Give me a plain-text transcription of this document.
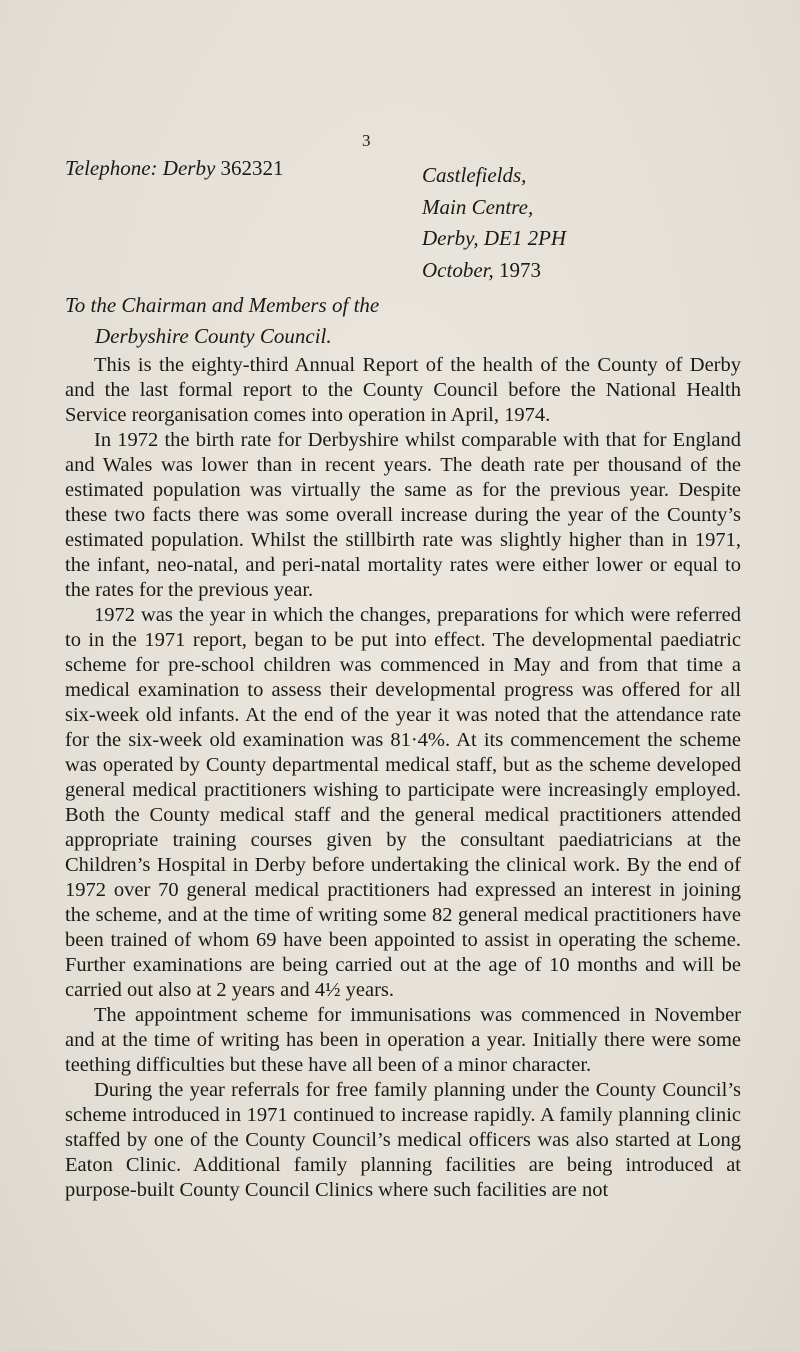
3
Telephone: Derby 362321	Castlefields,
Main Centre,
Derby, DE1 2PH
October, 1973
To the Chairman and Members of the
Derbyshire County Council.

This is the eighty-third Annual Report of the health of the County of Derby and the last formal report to the County Council before the National Health Service reorganisation comes into operation in April, 1974.

In 1972 the birth rate for Derbyshire whilst comparable with that for England and Wales was lower than in recent years. The death rate per thousand of the estimated population was virtually the same as for the previous year. Despite these two facts there was some overall increase during the year of the County’s estimated population. Whilst the stillbirth rate was slightly higher than in 1971, the infant, neo-natal, and peri-natal mortality rates were either lower or equal to the rates for the previous year.

1972 was the year in which the changes, preparations for which were referred to in the 1971 report, began to be put into effect. The developmental paediatric scheme for pre-school children was commenced in May and from that time a medical examination to assess their developmental progress was offered for all six-week old infants. At the end of the year it was noted that the attendance rate for the six-week old examination was 81·4%. At its commencement the scheme was operated by County departmental medical staff, but as the scheme developed general medical practitioners wishing to participate were increasingly employed. Both the County medical staff and the general medical practitioners attended appropriate training courses given by the consultant paediatricians at the Children’s Hospital in Derby before undertaking the clinical work. By the end of 1972 over 70 general medical practitioners had expressed an interest in joining the scheme, and at the time of writing some 82 general medical practitioners have been trained of whom 69 have been appointed to assist in operating the scheme. Further examinations are being carried out at the age of 10 months and will be carried out also at 2 years and 4½ years.

The appointment scheme for immunisations was commenced in November and at the time of writing has been in operation a year. Initially there were some teething difficulties but these have all been of a minor character.

During the year referrals for free family planning under the County Council’s scheme introduced in 1971 continued to increase rapidly. A family planning clinic staffed by one of the County Council’s medical officers was also started at Long Eaton Clinic. Additional family planning facilities are being introduced at purpose-built County Council Clinics where such facilities are not
